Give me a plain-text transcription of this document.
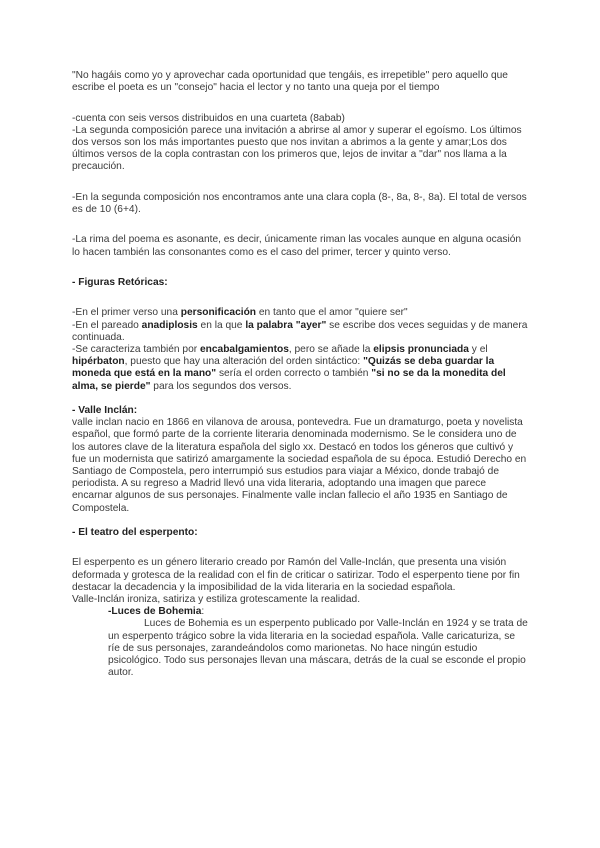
"No hagáis como yo y aprovechar cada oportunidad que tengáis, es irrepetible" pero aquello que escribe el poeta es un "consejo" hacia el lector y no tanto una queja por el tiempo

-cuenta con seis versos distribuidos en una cuarteta (8abab)

-La segunda composición parece una invitación a abrirse al amor y superar el egoísmo. Los últimos dos versos son los más importantes puesto que nos invitan a abrimos a la gente y amar;Los dos últimos versos de la copla contrastan con los primeros que, lejos de invitar a "dar" nos llama a la

precaución.

-En la segunda composición nos encontramos ante una clara copla (8-, 8a, 8-, 8a). El total de versos es de 10 (6+4).

-La rima del poema es asonante, es decir, únicamente riman las vocales aunque en alguna ocasión lo hacen también las consonantes como es el caso del primer, tercer y quinto verso.

- Figuras Retóricas:

-En el primer verso una personificación en tanto que el amor "quiere ser"

-En el pareado anadiplosis en la que la palabra "ayer" se escribe dos veces seguidas y de manera continuada.

-Se caracteriza también por encabalgamientos, pero se añade la elipsis pronunciada y el hipérbaton, puesto que hay una alteración del orden sintáctico: "Quizás se deba guardar la moneda que está en la mano" sería el orden correcto o también "si no se da la monedita del alma, se pierde" para los segundos dos versos.

- Valle Inclán:

valle inclan nacio en 1866 en vilanova de arousa, pontevedra. Fue un dramaturgo, poeta y novelista español, que formó parte de la corriente literaria denominada modernismo. Se le considera uno de los autores clave de la literatura española del siglo xx. Destacó en todos los géneros que cultivó y fue un modernista que satirizó amargamente la sociedad española de su época. Estudió Derecho en Santiago de Compostela, pero interrumpió sus estudios para viajar a México, donde trabajó de periodista. A su regreso a Madrid llevó una vida literaria, adoptando una imagen que parece encarnar algunos de sus personajes. Finalmente valle inclan fallecio el año 1935 en Santiago de Compostela.

- El teatro del esperpento:

El esperpento es un género literario creado por Ramón del Valle-Inclán, que presenta una visión deformada y grotesca de la realidad con el fin de criticar o satirizar. Todo el esperpento tiene por fin destacar la decadencia y la imposibilidad de la vida literaria en la sociedad española.

Valle-Inclán ironiza, satiriza y estiliza grotescamente la realidad.

-Luces de Bohemia:

Luces de Bohemia es un esperpento publicado por Valle-Inclán en 1924 y se trata de un esperpento trágico sobre la vida literaria en la sociedad española. Valle caricaturiza, se ríe de sus personajes, zarandeándolos como marionetas. No hace ningún estudio psicológico. Todo sus personajes llevan una máscara, detrás de la cual se esconde el propio autor.
